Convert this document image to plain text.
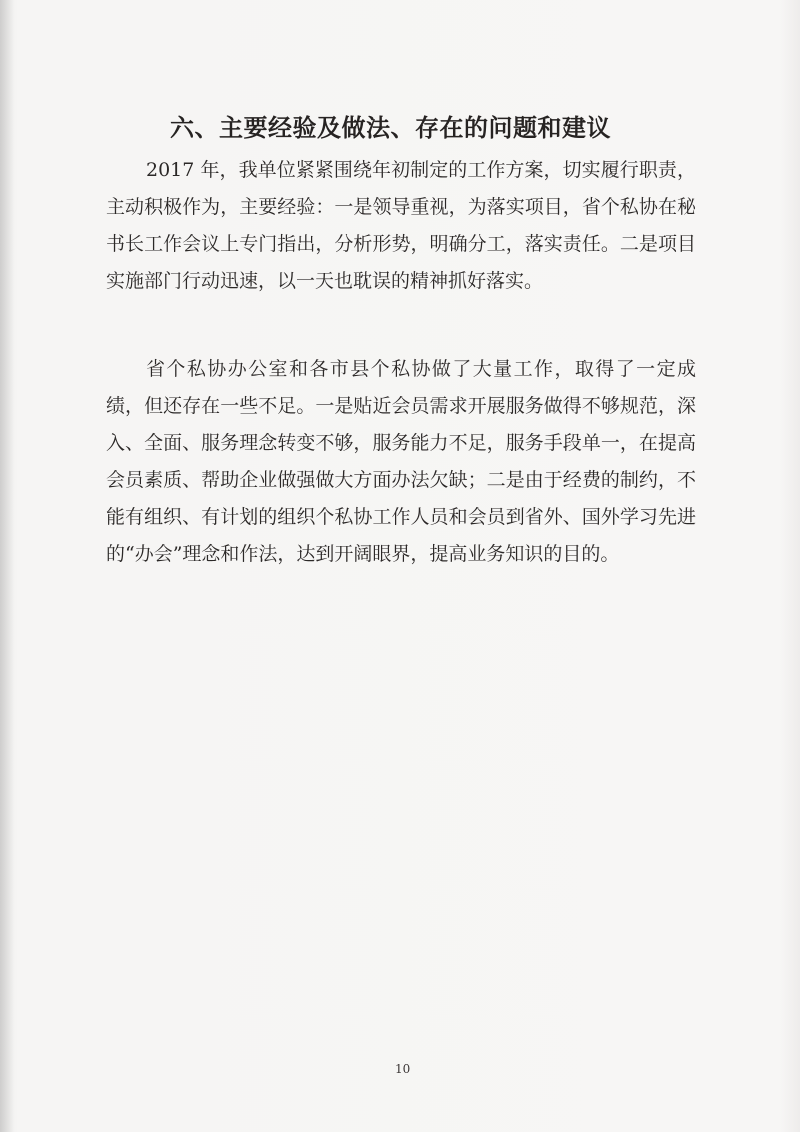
六、主要经验及做法、存在的问题和建议

2017 年，我单位紧紧围绕年初制定的工作方案，切实履行职责，主动积极作为，主要经验：一是领导重视，为落实项目，省个私协在秘书长工作会议上专门指出，分析形势，明确分工，落实责任。二是项目实施部门行动迅速，以一天也耽误的精神抓好落实。

省个私协办公室和各市县个私协做了大量工作，取得了一定成绩，但还存在一些不足。一是贴近会员需求开展服务做得不够规范，深入、全面、服务理念转变不够，服务能力不足，服务手段单一，在提高会员素质、帮助企业做强做大方面办法欠缺；二是由于经费的制约，不能有组织、有计划的组织个私协工作人员和会员到省外、国外学习先进的“办会”理念和作法，达到开阔眼界，提高业务知识的目的。

10
